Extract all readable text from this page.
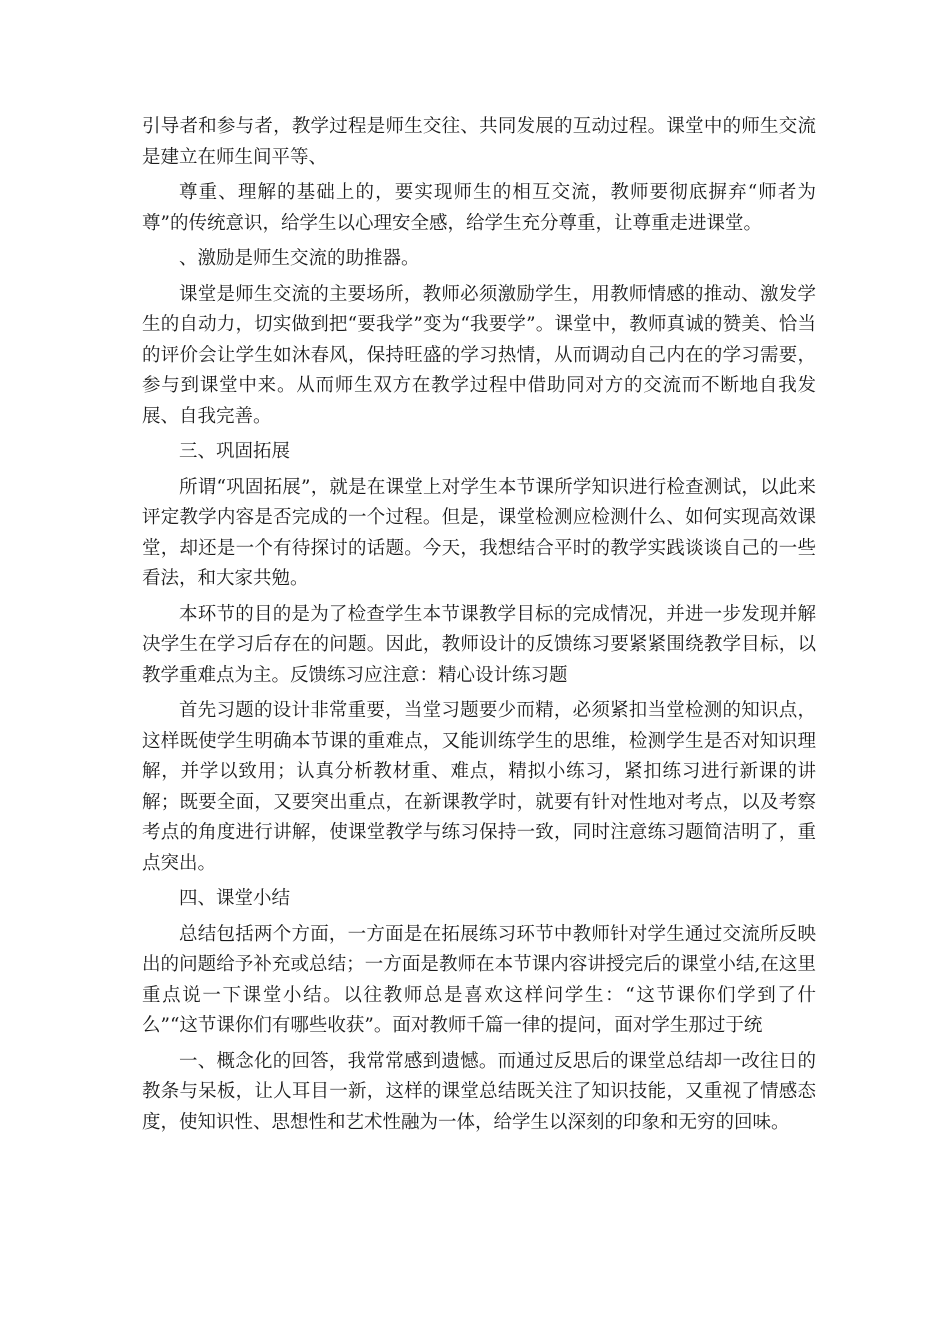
引导者和参与者，教学过程是师生交往、共同发展的互动过程。课堂中的师生交流是建立在师生间平等、

尊重、理解的基础上的，要实现师生的相互交流，教师要彻底摒弃“师者为尊”的传统意识，给学生以心理安全感，给学生充分尊重，让尊重走进课堂。

、激励是师生交流的助推器。

课堂是师生交流的主要场所，教师必须激励学生，用教师情感的推动、激发学生的自动力，切实做到把“要我学”变为“我要学”。课堂中，教师真诚的赞美、恰当的评价会让学生如沐春风，保持旺盛的学习热情，从而调动自己内在的学习需要，参与到课堂中来。从而师生双方在教学过程中借助同对方的交流而不断地自我发展、自我完善。

三、巩固拓展

所谓“巩固拓展”，就是在课堂上对学生本节课所学知识进行检查测试，以此来评定教学内容是否完成的一个过程。但是，课堂检测应检测什么、如何实现高效课堂，却还是一个有待探讨的话题。今天，我想结合平时的教学实践谈谈自己的一些看法，和大家共勉。

本环节的目的是为了检查学生本节课教学目标的完成情况，并进一步发现并解决学生在学习后存在的问题。因此，教师设计的反馈练习要紧紧围绕教学目标，以教学重难点为主。反馈练习应注意：精心设计练习题

首先习题的设计非常重要，当堂习题要少而精，必须紧扣当堂检测的知识点，这样既使学生明确本节课的重难点，又能训练学生的思维，检测学生是否对知识理解，并学以致用；认真分析教材重、难点，精拟小练习，紧扣练习进行新课的讲解；既要全面，又要突出重点，在新课教学时，就要有针对性地对考点，以及考察考点的角度进行讲解，使课堂教学与练习保持一致，同时注意练习题简洁明了，重点突出。

四、课堂小结

总结包括两个方面，一方面是在拓展练习环节中教师针对学生通过交流所反映出的问题给予补充或总结；一方面是教师在本节课内容讲授完后的课堂小结,在这里重点说一下课堂小结。以往教师总是喜欢这样问学生：“这节课你们学到了什么”“这节课你们有哪些收获”。面对教师千篇一律的提问，面对学生那过于统

一、概念化的回答，我常常感到遗憾。而通过反思后的课堂总结却一改往日的教条与呆板，让人耳目一新，这样的课堂总结既关注了知识技能，又重视了情感态度，使知识性、思想性和艺术性融为一体，给学生以深刻的印象和无穷的回味。
